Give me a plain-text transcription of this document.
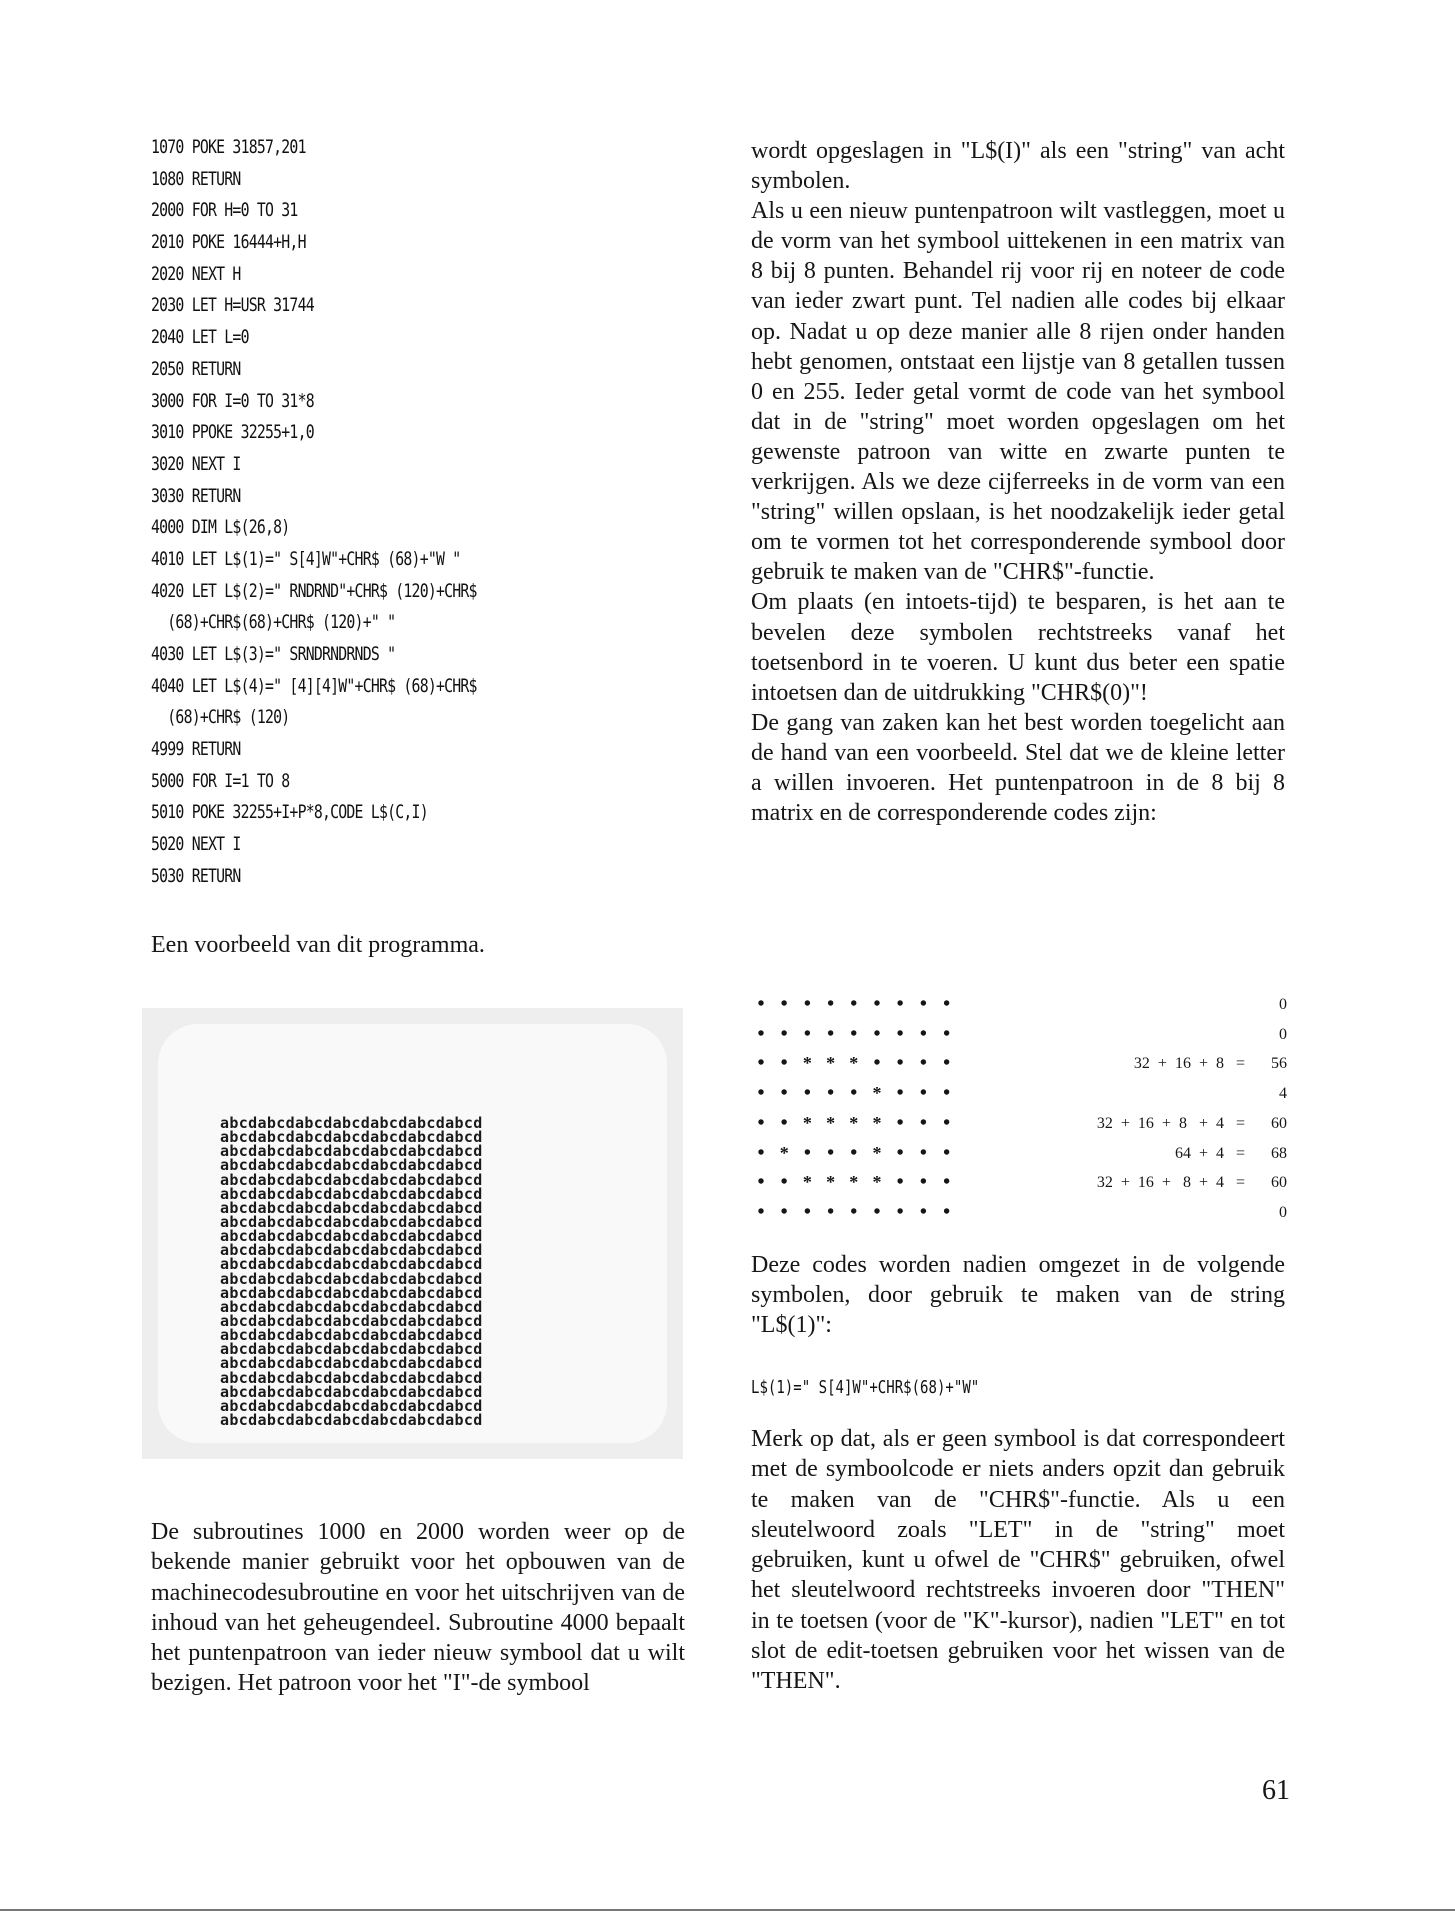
1070 POKE 31857,201
1080 RETURN
2000 FOR H=0 TO 31
2010 POKE 16444+H,H
2020 NEXT H
2030 LET H=USR 31744
2040 LET L=0
2050 RETURN
3000 FOR I=0 TO 31*8
3010 PPOKE 32255+1,0
3020 NEXT I
3030 RETURN
4000 DIM L$(26,8)
4010 LET L$(1)=" S[4]W"+CHR$ (68)+"W "
4020 LET L$(2)=" RNDRND"+CHR$ (120)+CHR$
(68)+CHR$(68)+CHR$ (120)+" "
4030 LET L$(3)=" SRNDRNDRNDS "
4040 LET L$(4)=" [4][4]W"+CHR$ (68)+CHR$
(68)+CHR$ (120)
4999 RETURN
5000 FOR I=1 TO 8
5010 POKE 32255+I+P*8,CODE L$(C,I)
5020 NEXT I
5030 RETURN
Een voorbeeld van dit programma.
abcdabcdabcdabcdabcdabcdabcd
abcdabcdabcdabcdabcdabcdabcd
abcdabcdabcdabcdabcdabcdabcd
abcdabcdabcdabcdabcdabcdabcd
abcdabcdabcdabcdabcdabcdabcd
abcdabcdabcdabcdabcdabcdabcd
abcdabcdabcdabcdabcdabcdabcd
abcdabcdabcdabcdabcdabcdabcd
abcdabcdabcdabcdabcdabcdabcd
abcdabcdabcdabcdabcdabcdabcd
abcdabcdabcdabcdabcdabcdabcd
abcdabcdabcdabcdabcdabcdabcd
abcdabcdabcdabcdabcdabcdabcd
abcdabcdabcdabcdabcdabcdabcd
abcdabcdabcdabcdabcdabcdabcd
abcdabcdabcdabcdabcdabcdabcd
abcdabcdabcdabcdabcdabcdabcd
abcdabcdabcdabcdabcdabcdabcd
abcdabcdabcdabcdabcdabcdabcd
abcdabcdabcdabcdabcdabcdabcd
abcdabcdabcdabcdabcdabcdabcd
abcdabcdabcdabcdabcdabcdabcd
De subroutines 1000 en 2000 worden weer op de bekende manier gebruikt voor het opbouwen van de machinecodesubroutine en voor het uitschrijven van de inhoud van het geheugendeel. Subroutine 4000 bepaalt het puntenpatroon van ieder nieuw symbool dat u wilt bezigen. Het patroon voor het "I"-de symbool
wordt opgeslagen in "L$(I)" als een "string" van acht symbolen.
Als u een nieuw puntenpatroon wilt vastleggen, moet u de vorm van het symbool uittekenen in een matrix van 8 bij 8 punten. Behandel rij voor rij en noteer de code van ieder zwart punt. Tel nadien alle codes bij elkaar op. Nadat u op deze manier alle 8 rijen onder handen hebt genomen, ontstaat een lijstje van 8 getallen tussen 0 en 255. Ieder getal vormt de code van het symbool dat in de "string" moet worden opgeslagen om het gewenste patroon van witte en zwarte punten te verkrijgen. Als we deze cijferreeks in de vorm van een "string" willen opslaan, is het noodzakelijk ieder getal om te vormen tot het corresponderende symbool door gebruik te maken van de "CHR$"-functie.
Om plaats (en intoets-tijd) te besparen, is het aan te bevelen deze symbolen rechtstreeks vanaf het toetsenbord in te voeren. U kunt dus beter een spatie intoetsen dan de uitdrukking "CHR$(0)"!
De gang van zaken kan het best worden toegelicht aan de hand van een voorbeeld. Stel dat we de kleine letter a willen invoeren. Het puntenpatroon in de 8 bij 8 matrix en de corresponderende codes zijn:
• • • • • • • • •	0
• • • • • • • • •	0
• • * * * • • • •	32  +  16  +  8   =	56
• • • • • * • • •	4
• • * * * * • • •	32  +  16  +  8   +  4   =	60
• * • • • * • • •	64  +  4   =	68
• • * * * * • • •	32  +  16  +   8  +  4   =	60
• • • • • • • • •	0
Deze codes worden nadien omgezet in de volgende symbolen, door gebruik te maken van de string "L$(1)":
L$(1)=" S[4]W"+CHR$(68)+"W"
Merk op dat, als er geen symbool is dat correspondeert met de symboolcode er niets anders opzit dan gebruik te maken van de "CHR$"-functie. Als u een sleutelwoord zoals "LET" in de "string" moet gebruiken, kunt u ofwel de "CHR$" gebruiken, ofwel het sleutelwoord rechtstreeks invoeren door "THEN" in te toetsen (voor de "K"-kursor), nadien "LET" en tot slot de edit-toetsen gebruiken voor het wissen van de "THEN".
61
